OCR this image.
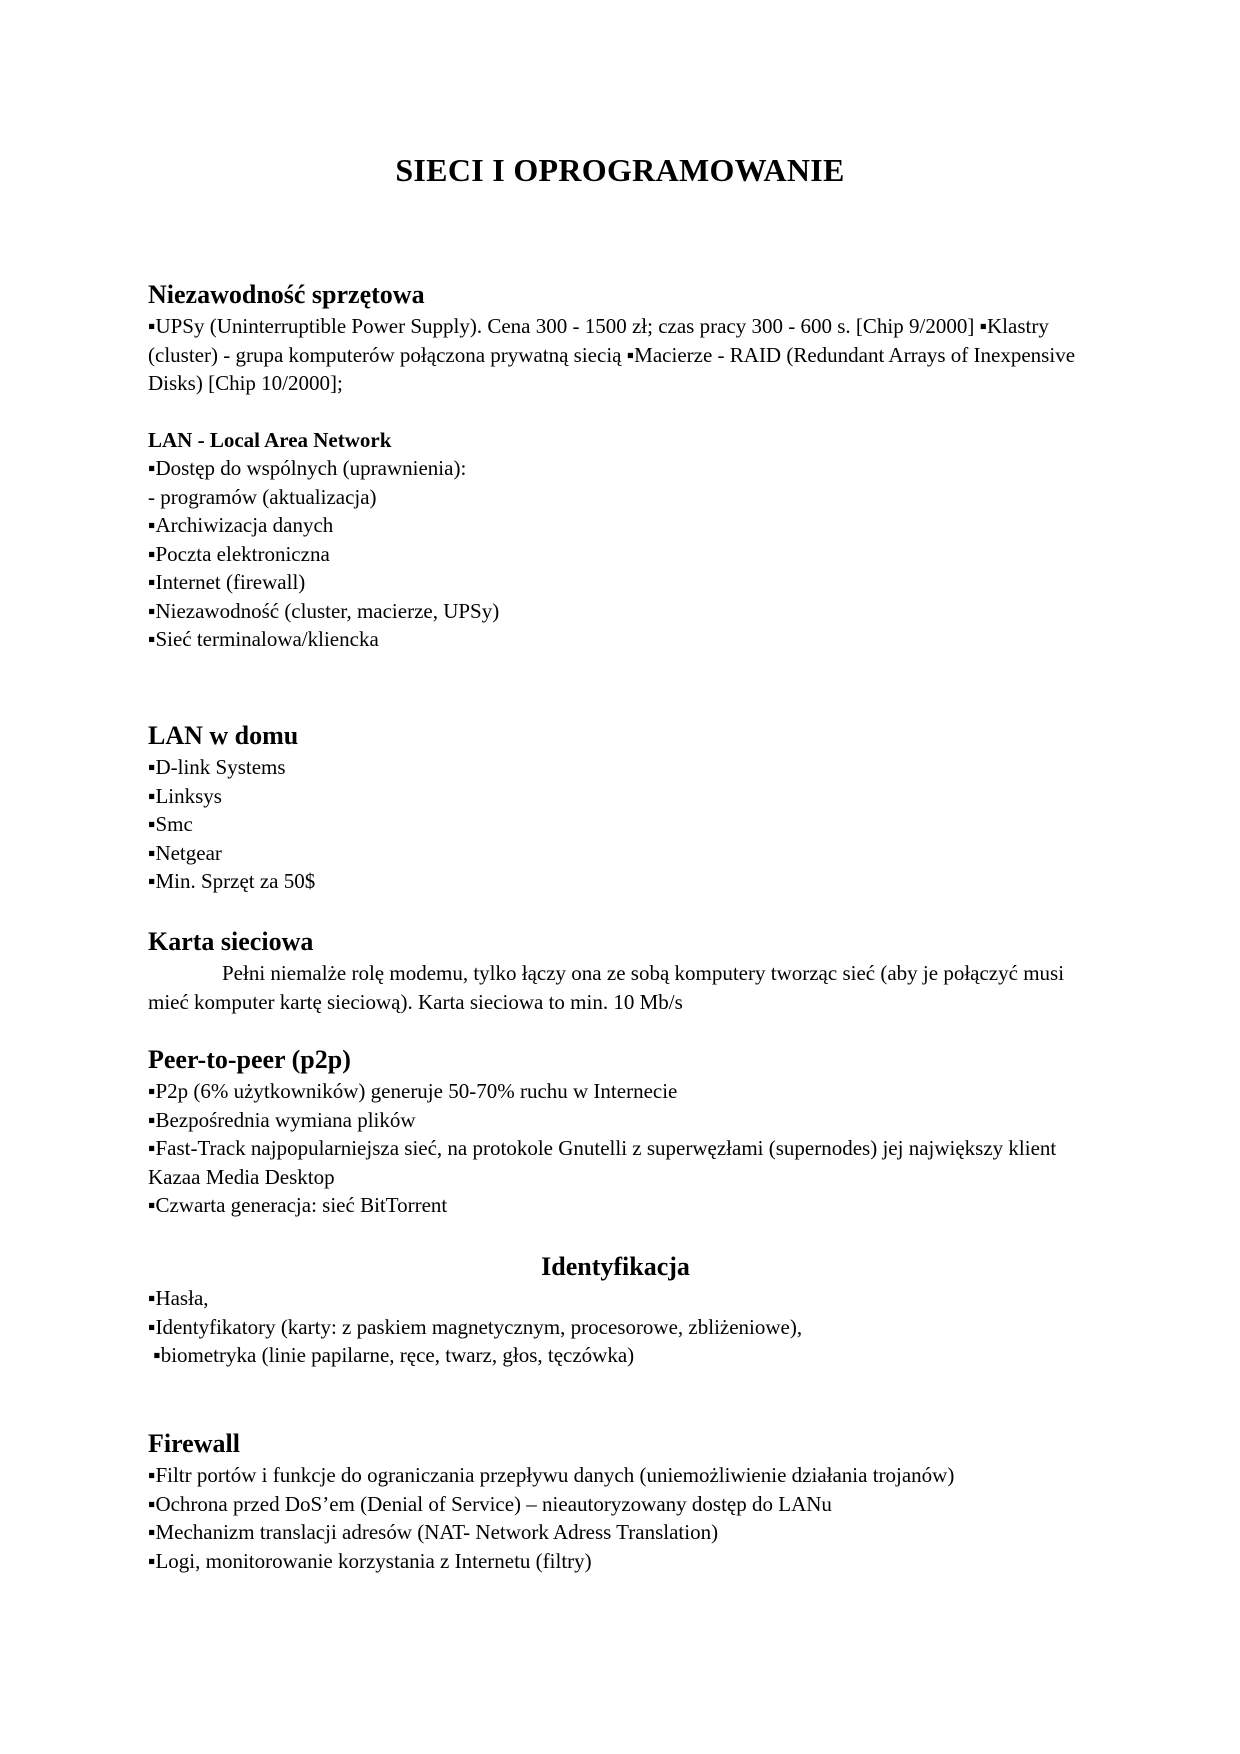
SIECI I OPROGRAMOWANIE
Niezawodność sprzętowa
▪UPSy (Uninterruptible Power Supply). Cena 300 - 1500 zł; czas pracy 300 - 600 s. [Chip 9/2000] ▪Klastry (cluster) - grupa komputerów połączona prywatną siecią ▪Macierze - RAID (Redundant Arrays of Inexpensive Disks) [Chip 10/2000];
LAN - Local Area Network
▪Dostęp do wspólnych (uprawnienia):
- programów (aktualizacja)
▪Archiwizacja danych
▪Poczta elektroniczna
▪Internet (firewall)
▪Niezawodność (cluster, macierze, UPSy)
▪Sieć terminalowa/kliencka
LAN w domu
▪D-link Systems
▪Linksys
▪Smc
▪Netgear
▪Min. Sprzęt za 50$
Karta sieciowa
Pełni niemalże rolę modemu, tylko łączy ona ze sobą komputery tworząc sieć (aby je połączyć musi mieć komputer kartę sieciową). Karta sieciowa to min. 10 Mb/s
Peer-to-peer (p2p)
▪P2p (6% użytkowników) generuje 50-70% ruchu w Internecie
▪Bezpośrednia wymiana plików
▪Fast-Track najpopularniejsza sieć, na protokole Gnutelli z superwęzłami (supernodes) jej największy klient Kazaa Media Desktop
▪Czwarta generacja: sieć BitTorrent
Identyfikacja
▪Hasła,
▪Identyfikatory (karty: z paskiem magnetycznym, procesorowe, zbliżeniowe),
▪biometryka (linie papilarne, ręce, twarz, głos, tęczówka)
Firewall
▪Filtr portów i funkcje do ograniczania przepływu danych (uniemożliwienie działania trojanów)
▪Ochrona przed DoS’em (Denial of Service) – nieautoryzowany dostęp do LANu
▪Mechanizm translacji adresów (NAT- Network Adress Translation)
▪Logi, monitorowanie korzystania z Internetu (filtry)
